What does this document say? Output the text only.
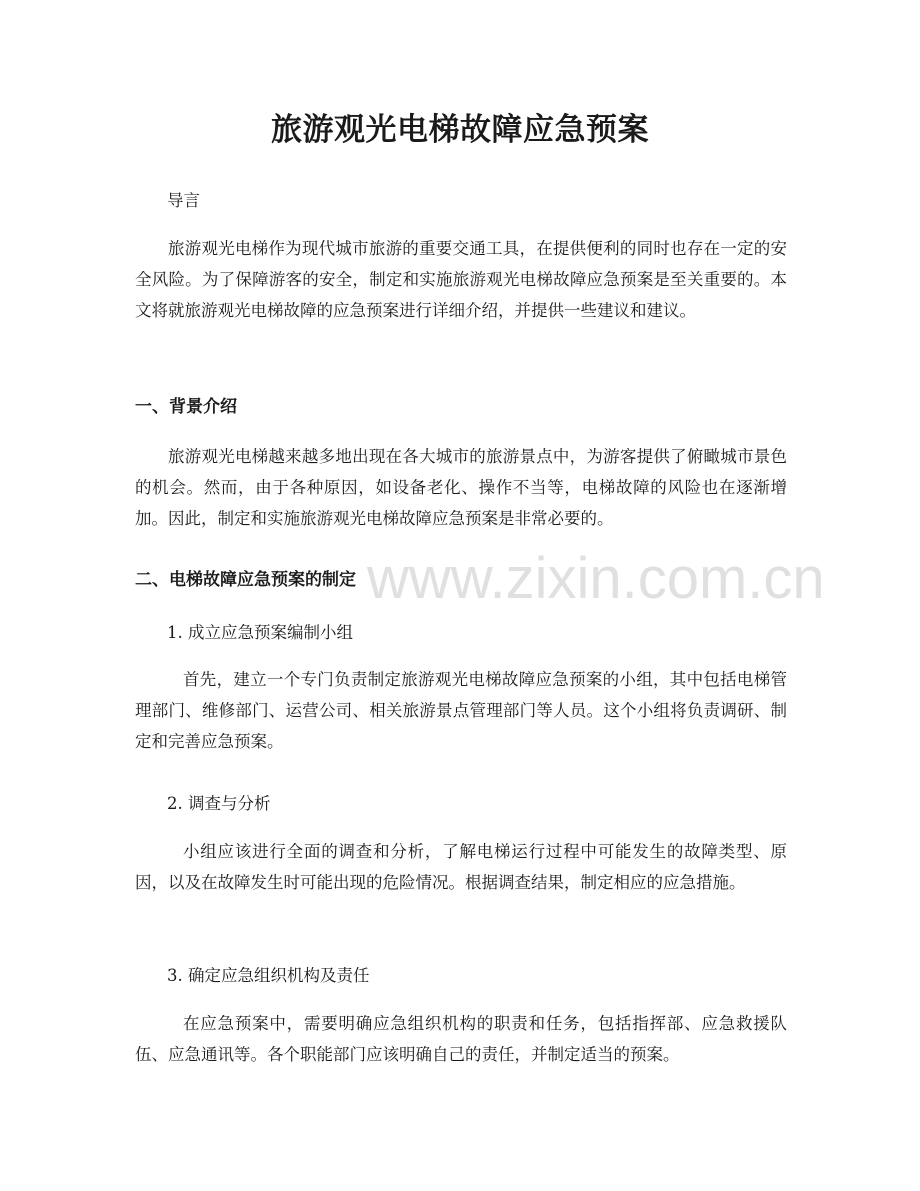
旅游观光电梯故障应急预案

导言

旅游观光电梯作为现代城市旅游的重要交通工具，在提供便利的同时也存在一定的安全风险。为了保障游客的安全，制定和实施旅游观光电梯故障应急预案是至关重要的。本文将就旅游观光电梯故障的应急预案进行详细介绍，并提供一些建议和建议。

一、背景介绍

旅游观光电梯越来越多地出现在各大城市的旅游景点中，为游客提供了俯瞰城市景色的机会。然而，由于各种原因，如设备老化、操作不当等，电梯故障的风险也在逐渐增加。因此，制定和实施旅游观光电梯故障应急预案是非常必要的。

二、电梯故障应急预案的制定

1. 成立应急预案编制小组

首先，建立一个专门负责制定旅游观光电梯故障应急预案的小组，其中包括电梯管理部门、维修部门、运营公司、相关旅游景点管理部门等人员。这个小组将负责调研、制定和完善应急预案。

2. 调查与分析

小组应该进行全面的调查和分析，了解电梯运行过程中可能发生的故障类型、原因，以及在故障发生时可能出现的危险情况。根据调查结果，制定相应的应急措施。

3. 确定应急组织机构及责任

在应急预案中，需要明确应急组织机构的职责和任务，包括指挥部、应急救援队伍、应急通讯等。各个职能部门应该明确自己的责任，并制定适当的预案。

www.zixin.com.cn
